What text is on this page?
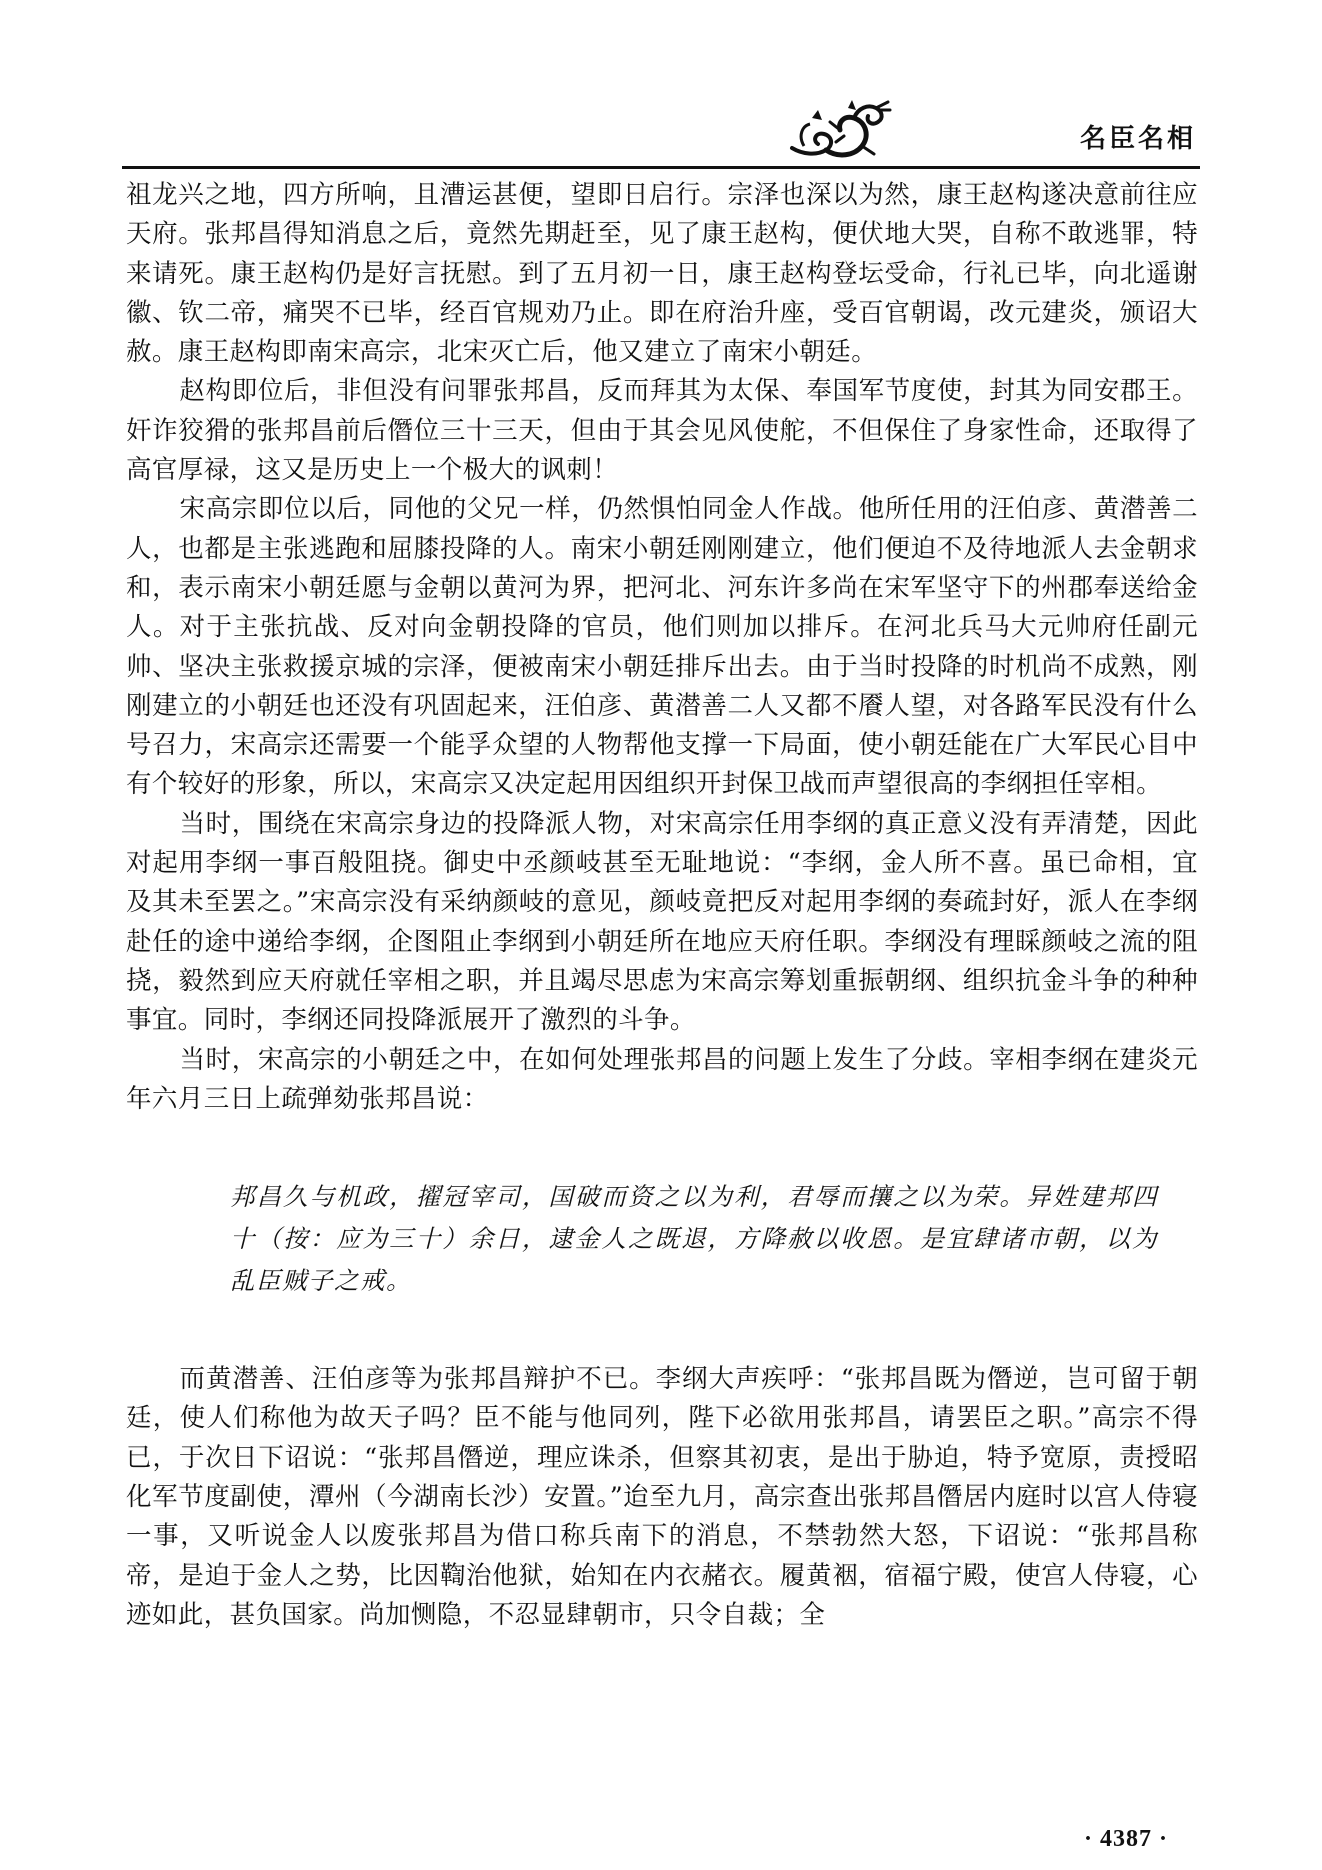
名臣名相

祖龙兴之地，四方所响，且漕运甚便，望即日启行。宗泽也深以为然，康王赵构遂决意前往应天府。张邦昌得知消息之后，竟然先期赶至，见了康王赵构，便伏地大哭，自称不敢逃罪，特来请死。康王赵构仍是好言抚慰。到了五月初一日，康王赵构登坛受命，行礼已毕，向北遥谢徽、钦二帝，痛哭不已毕，经百官规劝乃止。即在府治升座，受百官朝谒，改元建炎，颁诏大赦。康王赵构即南宋高宗，北宋灭亡后，他又建立了南宋小朝廷。

赵构即位后，非但没有问罪张邦昌，反而拜其为太保、奉国军节度使，封其为同安郡王。奸诈狡猾的张邦昌前后僭位三十三天，但由于其会见风使舵，不但保住了身家性命，还取得了高官厚禄，这又是历史上一个极大的讽刺！

宋高宗即位以后，同他的父兄一样，仍然惧怕同金人作战。他所任用的汪伯彦、黄潜善二人，也都是主张逃跑和屈膝投降的人。南宋小朝廷刚刚建立，他们便迫不及待地派人去金朝求和，表示南宋小朝廷愿与金朝以黄河为界，把河北、河东许多尚在宋军坚守下的州郡奉送给金人。对于主张抗战、反对向金朝投降的官员，他们则加以排斥。在河北兵马大元帅府任副元帅、坚决主张救援京城的宗泽，便被南宋小朝廷排斥出去。由于当时投降的时机尚不成熟，刚刚建立的小朝廷也还没有巩固起来，汪伯彦、黄潜善二人又都不餍人望，对各路军民没有什么号召力，宋高宗还需要一个能孚众望的人物帮他支撑一下局面，使小朝廷能在广大军民心目中有个较好的形象，所以，宋高宗又决定起用因组织开封保卫战而声望很高的李纲担任宰相。

当时，围绕在宋高宗身边的投降派人物，对宋高宗任用李纲的真正意义没有弄清楚，因此对起用李纲一事百般阻挠。御史中丞颜岐甚至无耻地说：“李纲，金人所不喜。虽已命相，宜及其未至罢之。”宋高宗没有采纳颜岐的意见，颜岐竟把反对起用李纲的奏疏封好，派人在李纲赴任的途中递给李纲，企图阻止李纲到小朝廷所在地应天府任职。李纲没有理睬颜岐之流的阻挠，毅然到应天府就任宰相之职，并且竭尽思虑为宋高宗筹划重振朝纲、组织抗金斗争的种种事宜。同时，李纲还同投降派展开了激烈的斗争。

当时，宋高宗的小朝廷之中，在如何处理张邦昌的问题上发生了分歧。宰相李纲在建炎元年六月三日上疏弹劾张邦昌说：

邦昌久与机政，擢冠宰司，国破而资之以为利，君辱而攘之以为荣。异姓建邦四十（按：应为三十）余日，逮金人之既退，方降赦以收恩。是宜肆诸市朝，以为乱臣贼子之戒。

而黄潜善、汪伯彦等为张邦昌辩护不已。李纲大声疾呼：“张邦昌既为僭逆，岂可留于朝廷，使人们称他为故天子吗？臣不能与他同列，陛下必欲用张邦昌，请罢臣之职。”高宗不得已，于次日下诏说：“张邦昌僭逆，理应诛杀，但察其初衷，是出于胁迫，特予宽原，责授昭化军节度副使，潭州（今湖南长沙）安置。”迨至九月，高宗查出张邦昌僭居内庭时以宫人侍寝一事，又听说金人以废张邦昌为借口称兵南下的消息，不禁勃然大怒，下诏说：“张邦昌称帝，是迫于金人之势，比因鞫治他狱，始知在内衣赭衣。履黄裀，宿福宁殿，使宫人侍寝，心迹如此，甚负国家。尚加恻隐，不忍显肆朝市，只令自裁；全

· 4387 ·
